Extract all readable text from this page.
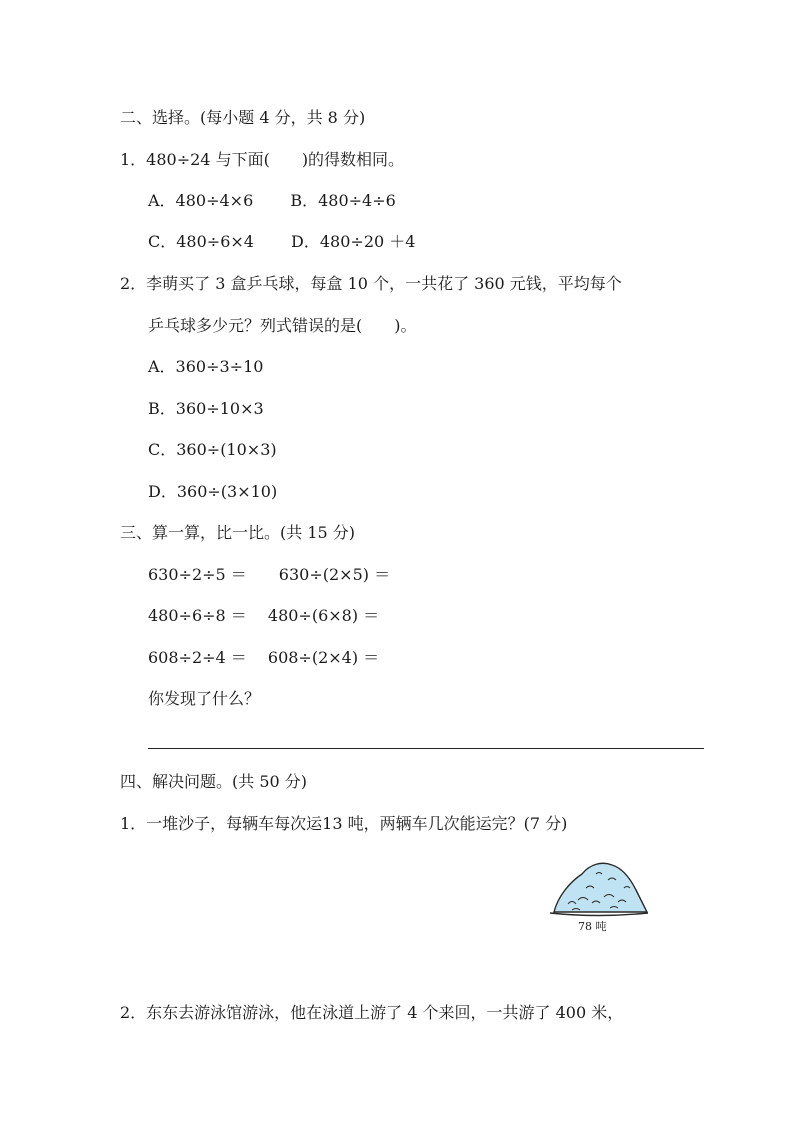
二、选择。(每小题 4 分，共 8 分)
1．480÷24 与下面(　　)的得数相同。
A．480÷4×6　　 B．480÷4÷6
C．480÷6×4　　 D．480÷20 ＋4
2．李萌买了 3 盒乒乓球，每盒 10 个，一共花了 360 元钱，平均每个
乒乓球多少元？列式错误的是(　　)。
A．360÷3÷10
B．360÷10×3
C．360÷(10×3)
D．360÷(3×10)
三、算一算，比一比。(共 15 分)
630÷2÷5 ＝　　630÷(2×5) ＝
480÷6÷8 ＝　 480÷(6×8) ＝
608÷2÷4 ＝　 608÷(2×4) ＝
你发现了什么？
四、解决问题。(共 50 分)
1．一堆沙子，每辆车每次运13 吨，两辆车几次能运完？(7 分)
78 吨
2．东东去游泳馆游泳，他在泳道上游了 4 个来回，一共游了 400 米，
